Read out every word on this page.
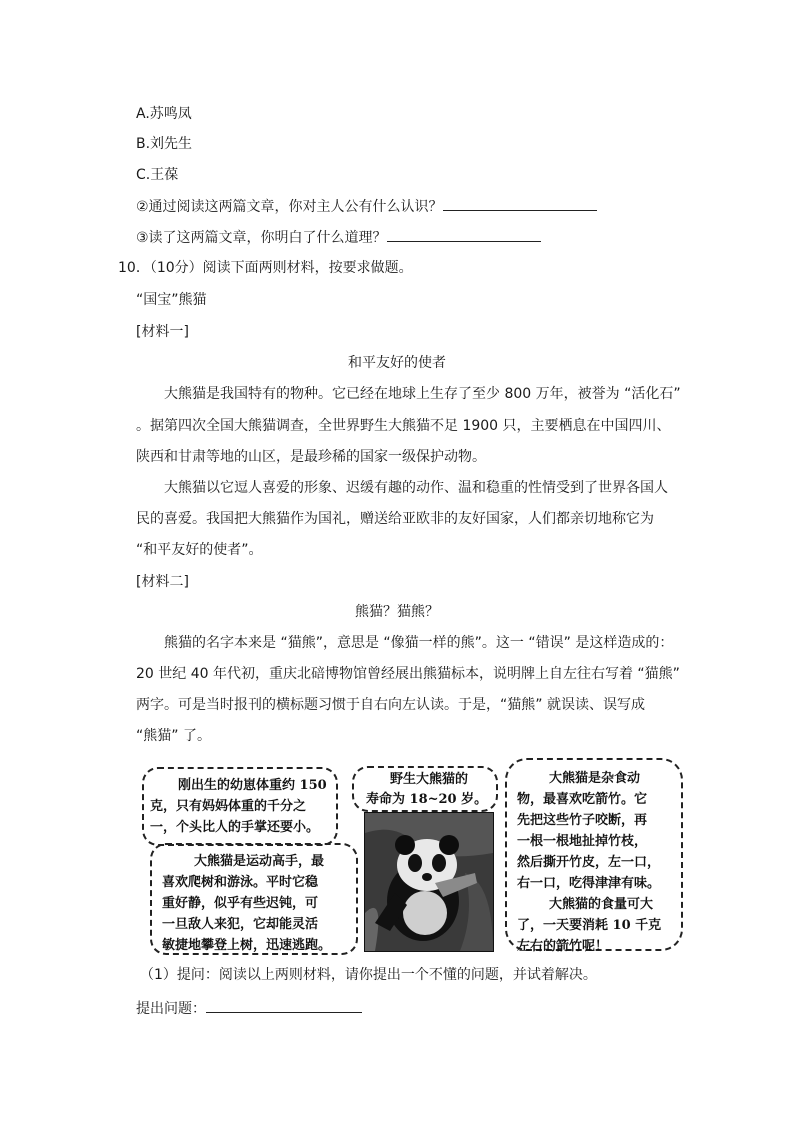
A.苏鸣凤
B.刘先生
C.王葆
②通过阅读这两篇文章，你对主人公有什么认识？
③读了这两篇文章，你明白了什么道理？
10．（10分）阅读下面两则材料，按要求做题。
“国宝”熊猫
[材料一]
和平友好的使者
大熊猫是我国特有的物种。它已经在地球上生存了至少 800 万年，被誉为 “活化石”
。据第四次全国大熊猫调查，全世界野生大熊猫不足 1900 只，主要栖息在中国四川、
陕西和甘肃等地的山区，是最珍稀的国家一级保护动物。
大熊猫以它逗人喜爱的形象、迟缓有趣的动作、温和稳重的性情受到了世界各国人
民的喜爱。我国把大熊猫作为国礼，赠送给亚欧非的友好国家，人们都亲切地称它为
“和平友好的使者”。
[材料二]
熊猫？猫熊？
熊猫的名字本来是 “猫熊”，意思是 “像猫一样的熊”。这一 “错误” 是这样造成的：
20 世纪 40 年代初，重庆北碚博物馆曾经展出熊猫标本，说明牌上自左往右写着 “猫熊”
两字。可是当时报刊的横标题习惯于自右向左认读。于是，“猫熊” 就误读、误写成
“熊猫” 了。
刚出生的幼崽体重约 150
克，只有妈妈体重的千分之
一，个头比人的手掌还要小。
大熊猫是运动高手，最
喜欢爬树和游泳。平时它稳
重好静，似乎有些迟钝，可
一旦敌人来犯，它却能灵活
敏捷地攀登上树，迅速逃跑。
野生大熊猫的
寿命为 18~20 岁。
大熊猫是杂食动
物，最喜欢吃箭竹。它
先把这些竹子咬断，再
一根一根地扯掉竹枝，
然后撕开竹皮，左一口，
右一口，吃得津津有味。
大熊猫的食量可大
了，一天要消耗 10 千克
左右的箭竹呢！
（1）提问：阅读以上两则材料，请你提出一个不懂的问题，并试着解决。
提出问题：
